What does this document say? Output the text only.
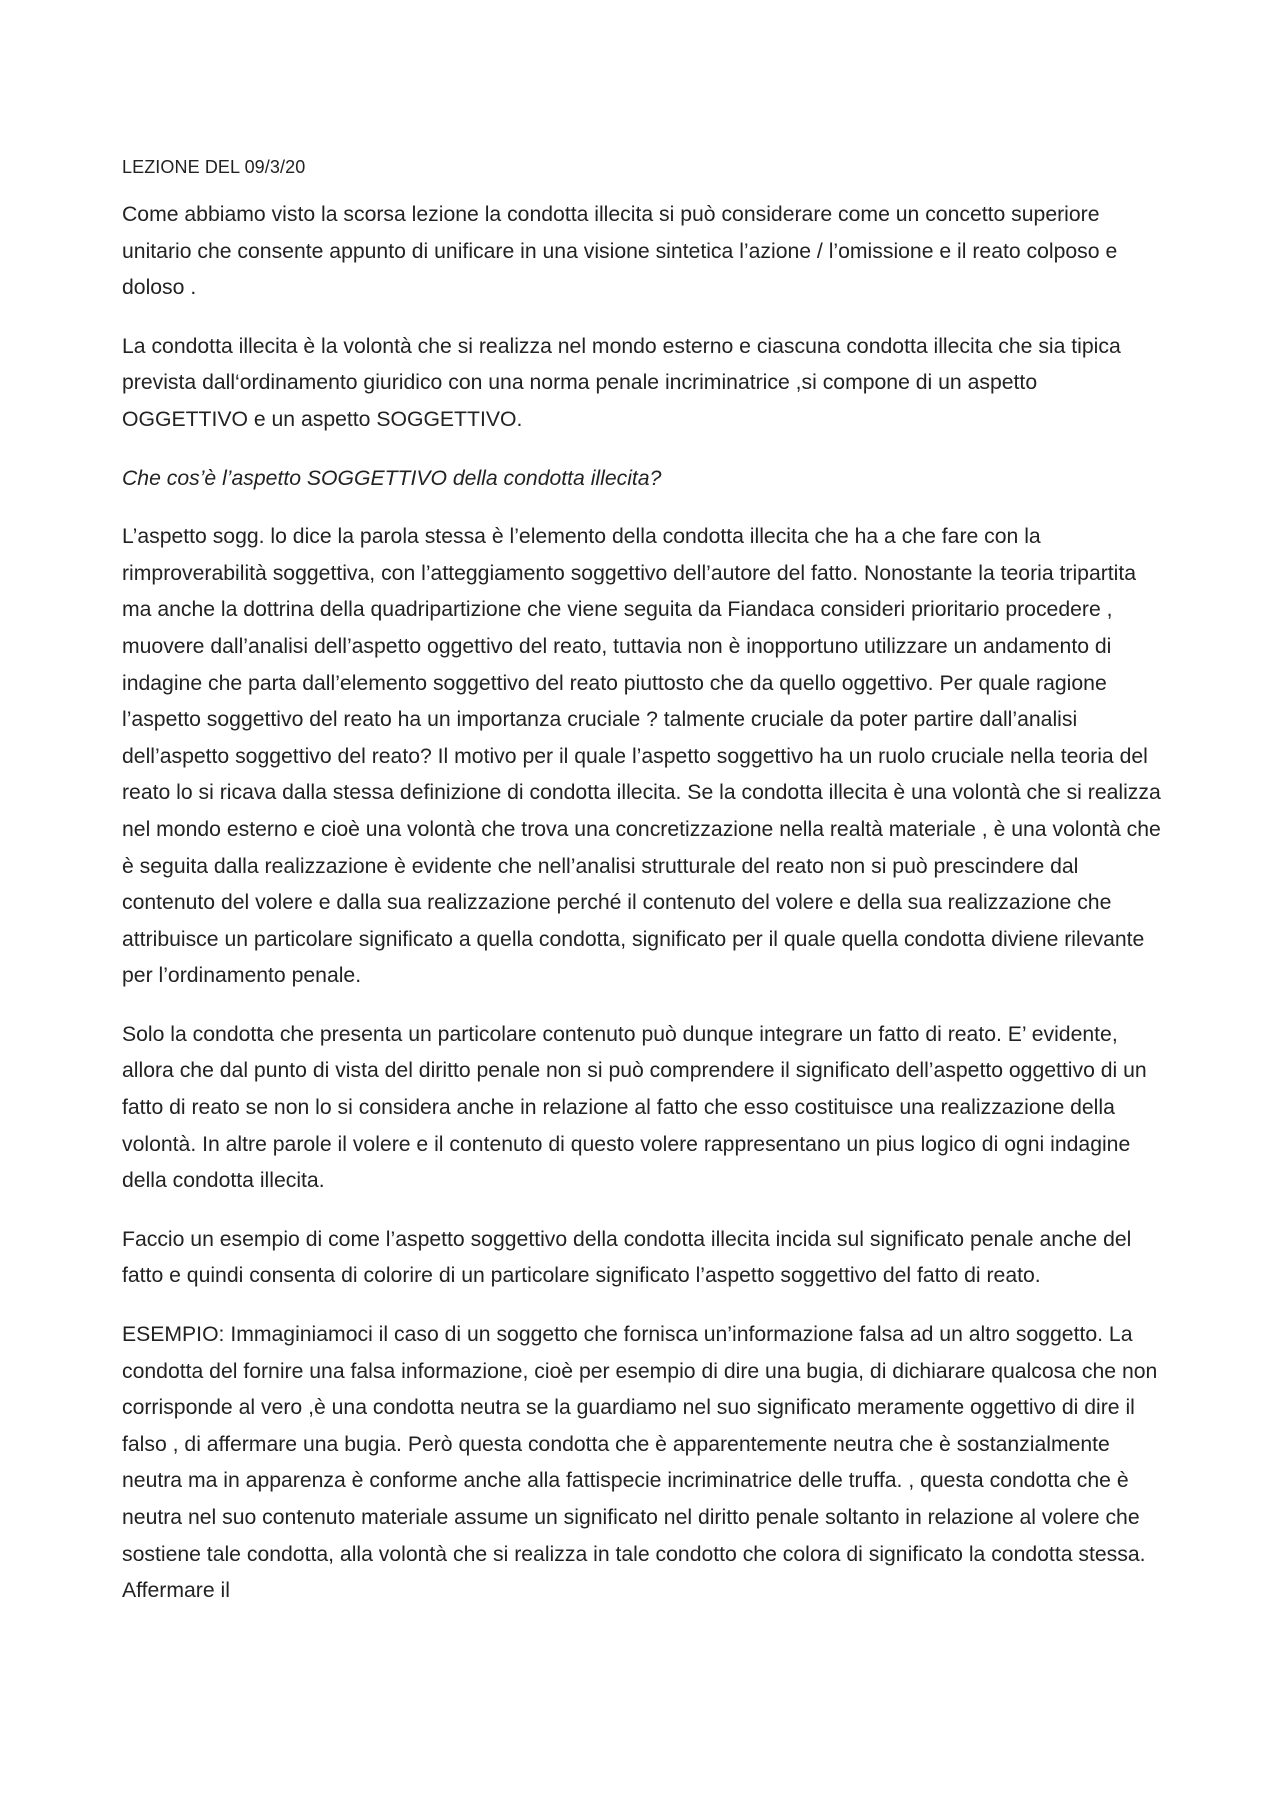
LEZIONE DEL 09/3/20

Come abbiamo visto la scorsa lezione la condotta illecita si può considerare come un concetto superiore unitario che consente appunto di unificare in una visione sintetica l’azione / l’omissione e il reato colposo e doloso .

La condotta illecita è la volontà che si realizza nel mondo esterno e ciascuna condotta illecita che sia tipica prevista dall‘ordinamento giuridico con una norma penale incriminatrice ,si compone di un aspetto OGGETTIVO e un aspetto SOGGETTIVO.

Che cos’è l’aspetto SOGGETTIVO della condotta illecita?

L’aspetto sogg. lo dice la parola stessa è l’elemento della condotta illecita che ha a che fare con la rimproverabilità soggettiva, con l’atteggiamento soggettivo dell’autore del fatto. Nonostante la teoria tripartita ma anche la dottrina della quadripartizione che viene seguita da Fiandaca consideri prioritario procedere , muovere dall’analisi dell’aspetto oggettivo del reato, tuttavia non è inopportuno utilizzare un andamento di indagine che parta dall’elemento soggettivo del reato piuttosto che da quello oggettivo. Per quale ragione l’aspetto soggettivo del reato ha un importanza cruciale ? talmente cruciale da poter partire dall’analisi dell’aspetto soggettivo del reato? Il motivo per il quale l’aspetto soggettivo ha un ruolo cruciale nella teoria del reato lo si ricava dalla stessa definizione di condotta illecita. Se la condotta illecita è una volontà che si realizza nel mondo esterno e cioè una volontà che trova una concretizzazione nella realtà materiale , è una volontà che è seguita dalla realizzazione è evidente che nell’analisi strutturale del reato non si può prescindere dal contenuto del volere e dalla sua realizzazione perché il contenuto del volere e della sua realizzazione che attribuisce un particolare significato a quella condotta, significato per il quale quella condotta diviene rilevante per l’ordinamento penale.

Solo la condotta che presenta un particolare contenuto può dunque integrare un fatto di reato. E’ evidente, allora che dal punto di vista del diritto penale non si può comprendere il significato dell’aspetto oggettivo di un fatto di reato se non lo si considera anche in relazione al fatto che esso costituisce una realizzazione della volontà. In altre parole il volere e il contenuto di questo volere rappresentano un pius logico di ogni indagine della condotta illecita.

Faccio un esempio di come l’aspetto soggettivo della condotta illecita incida sul significato penale anche del fatto e quindi consenta di colorire di un particolare significato l’aspetto soggettivo del fatto di reato.

ESEMPIO: Immaginiamoci il caso di un soggetto che fornisca un’informazione falsa ad un altro soggetto. La condotta del fornire una falsa informazione, cioè per esempio di dire una bugia, di dichiarare qualcosa che non corrisponde al vero ,è una condotta neutra se la guardiamo nel suo significato meramente oggettivo di dire il falso , di affermare una bugia. Però questa condotta che è apparentemente neutra che è sostanzialmente neutra ma in apparenza è conforme anche alla fattispecie incriminatrice delle truffa. , questa condotta che è neutra nel suo contenuto materiale assume un significato nel diritto penale soltanto in relazione al volere che sostiene tale condotta, alla volontà che si realizza in tale condotto che colora di significato la condotta stessa. Affermare il
